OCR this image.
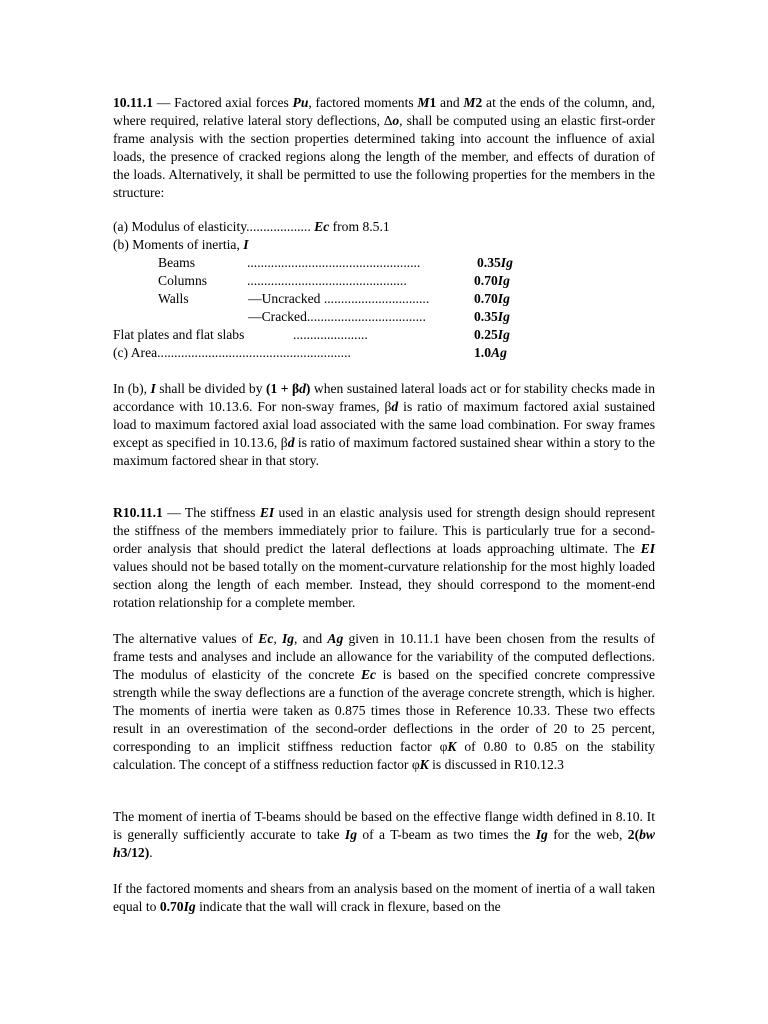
10.11.1 — Factored axial forces Pu, factored moments M1 and M2 at the ends of the column, and, where required, relative lateral story deflections, ∆o, shall be computed using an elastic first-order frame analysis with the section properties determined taking into account the influence of axial loads, the presence of cracked regions along the length of the member, and effects of duration of the loads. Alternatively, it shall be permitted to use the following properties for the members in the structure:

(a) Modulus of elasticity................... Ec from 8.5.1
(b) Moments of inertia, I
Beams	...................................................	0.35Ig
Columns	...............................................	0.70Ig
Walls	—Uncracked ...............................	0.70Ig
—Cracked...................................	0.35Ig
Flat plates and flat slabs	......................	0.25Ig
(c) Area.........................................................	1.0Ag

In (b), I shall be divided by (1 + βd) when sustained lateral loads act or for stability checks made in accordance with 10.13.6. For non-sway frames, βd is ratio of maximum factored axial sustained load to maximum factored axial load associated with the same load combination. For sway frames except as specified in 10.13.6, βd is ratio of maximum factored sustained shear within a story to the maximum factored shear in that story.

R10.11.1 — The stiffness EI used in an elastic analysis used for strength design should represent the stiffness of the members immediately prior to failure. This is particularly true for a second-order analysis that should predict the lateral deflections at loads approaching ultimate. The EI values should not be based totally on the moment-curvature relationship for the most highly loaded section along the length of each member. Instead, they should correspond to the moment-end rotation relationship for a complete member.

The alternative values of Ec, Ig, and Ag given in 10.11.1 have been chosen from the results of frame tests and analyses and include an allowance for the variability of the computed deflections. The modulus of elasticity of the concrete Ec is based on the specified concrete compressive strength while the sway deflections are a function of the average concrete strength, which is higher. The moments of inertia were taken as 0.875 times those in Reference 10.33. These two effects result in an overestimation of the second-order deflections in the order of 20 to 25 percent, corresponding to an implicit stiffness reduction factor φK of 0.80 to 0.85 on the stability calculation. The concept of a stiffness reduction factor φK is discussed in R10.12.3

The moment of inertia of T-beams should be based on the effective flange width defined in 8.10. It is generally sufficiently accurate to take Ig of a T-beam as two times the Ig for the web, 2(bw h3/12).

If the factored moments and shears from an analysis based on the moment of inertia of a wall taken equal to 0.70Ig indicate that the wall will crack in flexure, based on the
